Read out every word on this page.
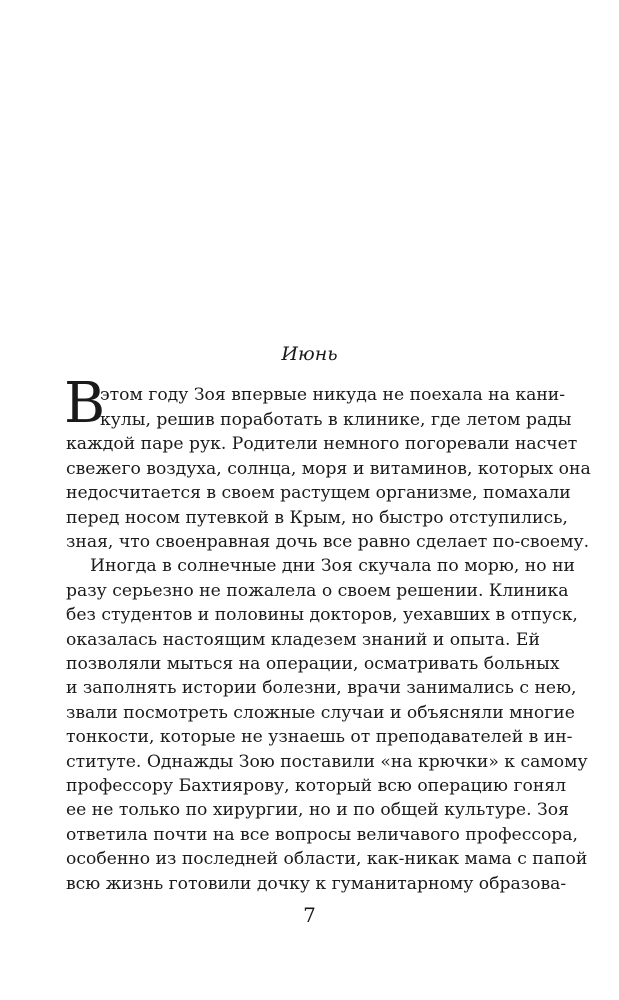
Июнь
В
этом году Зоя впервые никуда не поехала на кани-
кулы, решив поработать в клинике, где летом рады
каждой паре рук. Родители немного погоревали насчет
свежего воздуха, солнца, моря и витаминов, которых она
недосчитается в своем растущем организме, помахали
перед носом путевкой в Крым, но быстро отступились,
зная, что своенравная дочь все равно сделает по-своему.
Иногда в солнечные дни Зоя скучала по морю, но ни
разу серьезно не пожалела о своем решении. Клиника
без студентов и половины докторов, уехавших в отпуск,
оказалась настоящим кладезем знаний и опыта. Ей
позволяли мыться на операции, осматривать больных
и заполнять истории болезни, врачи занимались с нею,
звали посмотреть сложные случаи и объясняли многие
тонкости, которые не узнаешь от преподавателей в ин-
ституте. Однажды Зою поставили «на крючки» к самому
профессору Бахтиярову, который всю операцию гонял
ее не только по хирургии, но и по общей культуре. Зоя
ответила почти на все вопросы величавого профессора,
особенно из последней области, как-никак мама с папой
всю жизнь готовили дочку к гуманитарному образова-
7
